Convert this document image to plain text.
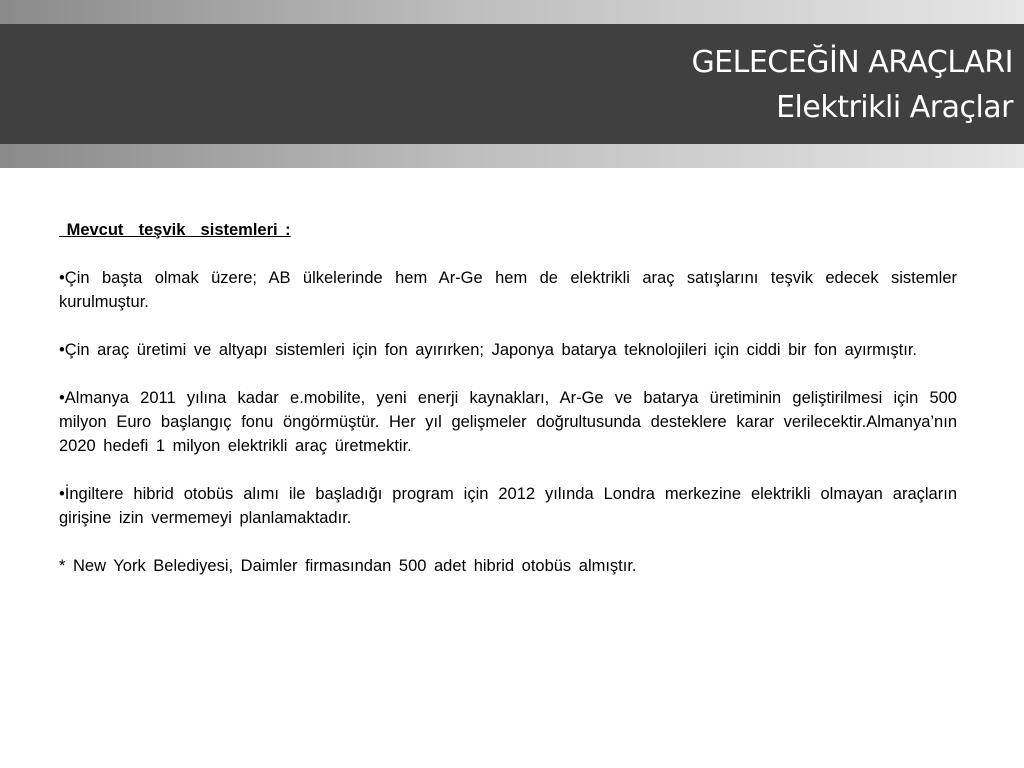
GELECEĞİN ARAÇLARI
Elektrikli Araçlar

Mevcut  teşvik  sistemleri :

•Çin başta olmak üzere; AB ülkelerinde hem Ar-Ge hem de elektrikli araç satışlarını teşvik edecek sistemler kurulmuştur.

•Çin araç üretimi ve altyapı sistemleri için fon ayırırken; Japonya batarya teknolojileri için ciddi bir fon ayırmıştır.

•Almanya 2011 yılına kadar e.mobilite, yeni enerji kaynakları, Ar-Ge ve batarya üretiminin geliştirilmesi için 500 milyon Euro başlangıç fonu öngörmüştür. Her yıl gelişmeler doğrultusunda desteklere karar verilecektir.Almanya’nın 2020 hedefi 1 milyon elektrikli araç üretmektir.

•İngiltere hibrid otobüs alımı ile başladığı program için 2012 yılında Londra merkezine elektrikli olmayan araçların girişine izin vermemeyi planlamaktadır.

* New York Belediyesi, Daimler firmasından 500 adet hibrid otobüs almıştır.
